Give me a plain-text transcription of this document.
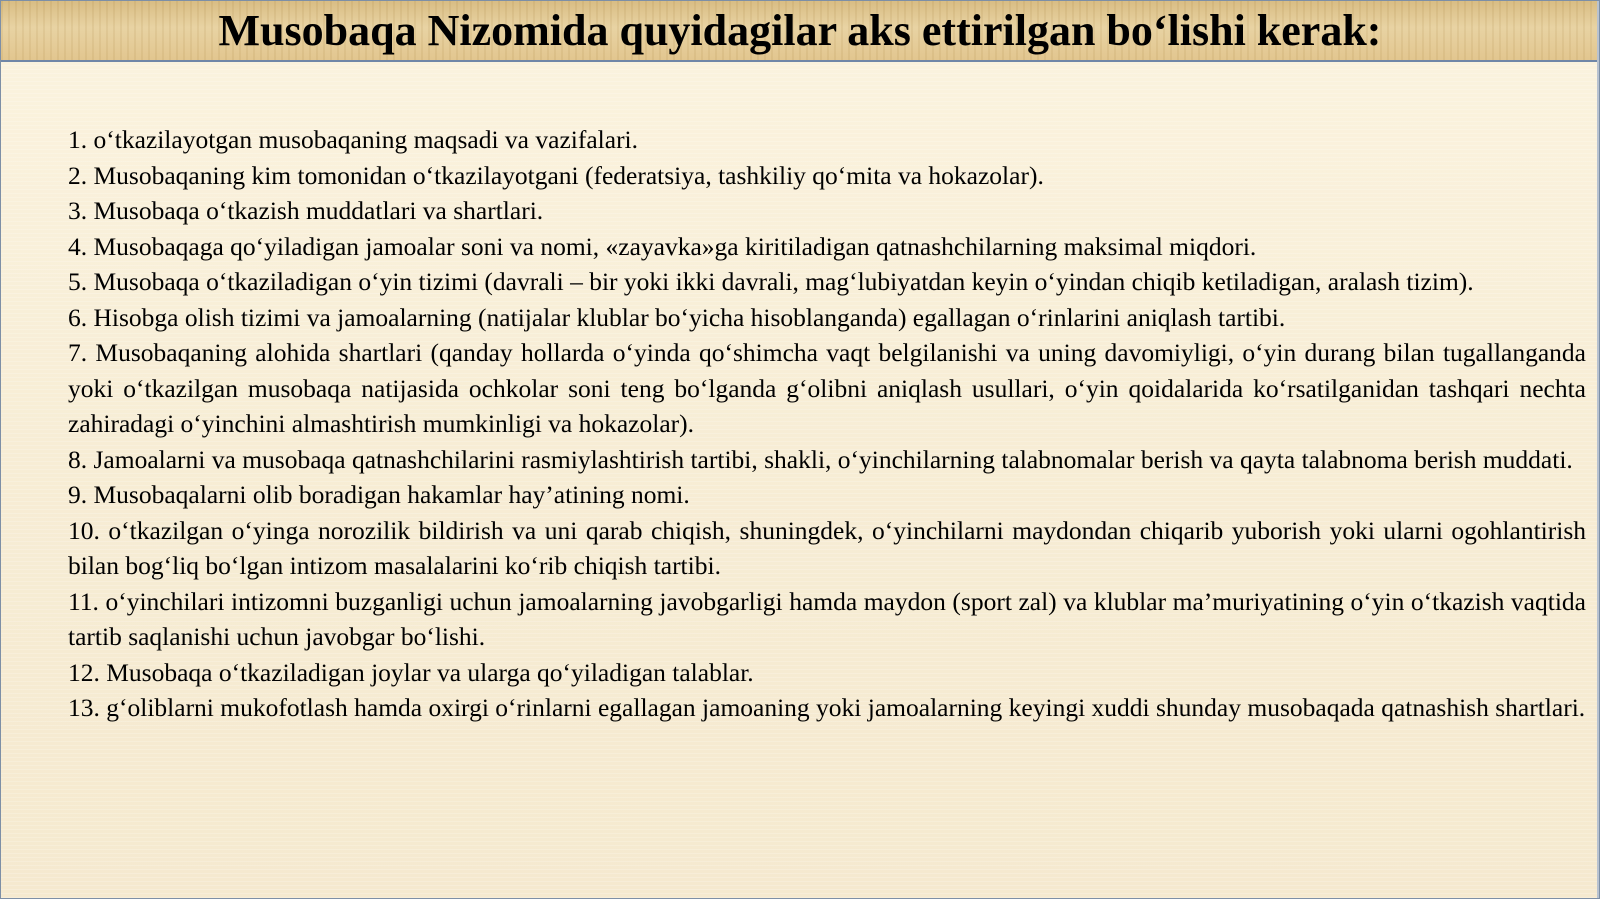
Musobaqa Nizomida quyidagilar aks ettirilgan bo‘lishi kerak:

1. o‘tkazilayotgan musobaqaning maqsadi va vazifalari.

2. Musobaqaning kim tomonidan o‘tkazilayotgani (federatsiya, tashkiliy qo‘mita va hokazolar).

3. Musobaqa o‘tkazish muddatlari va shartlari.

4. Musobaqaga qo‘yiladigan jamoalar soni va nomi, «zayavka»ga kiritiladigan qatnashchilarning maksimal miqdori.

5. Musobaqa o‘tkaziladigan o‘yin tizimi (davrali – bir yoki ikki davrali, mag‘lubiyatdan keyin o‘yindan chiqib ketiladigan, aralash tizim).

6. Hisobga olish tizimi va jamoalarning (natijalar klublar bo‘yicha hisoblanganda) egallagan o‘rinlarini aniqlash tartibi.

7. Musobaqaning alohida shartlari (qanday hollarda o‘yinda qo‘shimcha vaqt belgilanishi va uning davomiyligi, o‘yin durang bilan tugallanganda yoki o‘tkazilgan musobaqa natijasida ochkolar soni teng bo‘lganda g‘olibni aniqlash usullari, o‘yin qoidalarida ko‘rsatilganidan tashqari nechta zahiradagi o‘yinchini almashtirish mumkinligi va hokazolar).

8. Jamoalarni va musobaqa qatnashchilarini rasmiylashtirish tartibi, shakli, o‘yinchilarning talabnomalar berish va qayta talabnoma berish muddati.

9. Musobaqalarni olib boradigan hakamlar hay’atining nomi.

10. o‘tkazilgan o‘yinga norozilik bildirish va uni qarab chiqish, shuningdek, o‘yinchilarni maydondan chiqarib yuborish yoki ularni ogohlantirish bilan bog‘liq bo‘lgan intizom masalalarini ko‘rib chiqish tartibi.

11. o‘yinchilari intizomni buzganligi uchun jamoalarning javobgarligi hamda maydon (sport zal) va klublar ma’muriyatining o‘yin o‘tkazish vaqtida tartib saqlanishi uchun javobgar bo‘lishi.

12. Musobaqa o‘tkaziladigan joylar va ularga qo‘yiladigan talablar.

13. g‘oliblarni mukofotlash hamda oxirgi o‘rinlarni egallagan jamoaning yoki jamoalarning keyingi xuddi shunday musobaqada qatnashish shartlari.
